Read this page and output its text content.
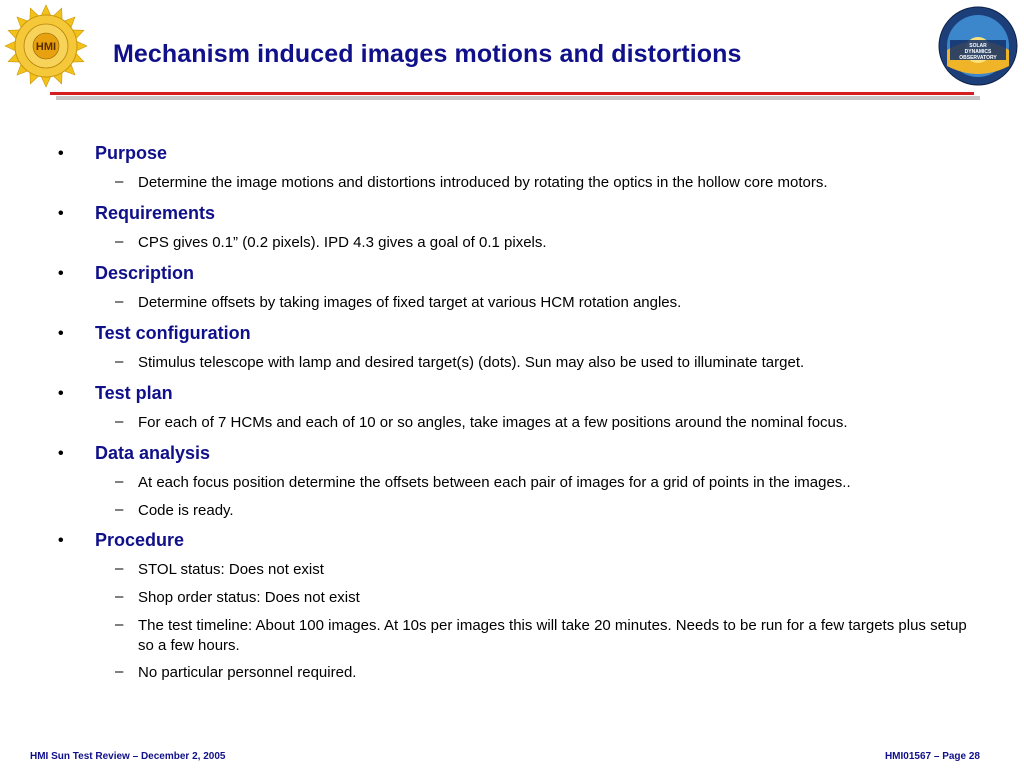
HMI	SOLAR
DYNAMICS
OBSERVATORY
Mechanism induced images motions and distortions
• Purpose
– Determine the image motions and distortions introduced by rotating the optics in the hollow core motors.
• Requirements
– CPS gives 0.1” (0.2 pixels). IPD 4.3 gives a goal of 0.1 pixels.
• Description
– Determine offsets by taking images of fixed target at various HCM rotation angles.
• Test configuration
– Stimulus telescope with lamp and desired target(s) (dots). Sun may also be used to illuminate target.
• Test plan
– For each of 7 HCMs and each of 10 or so angles, take images at a few positions around the nominal focus.
• Data analysis
– At each focus position determine the offsets between each pair of images for a grid of points in the images..
– Code is ready.
• Procedure
– STOL status: Does not exist
– Shop order status: Does not exist
– The test timeline: About 100 images. At 10s per images this will take 20 minutes. Needs to be run for a few targets plus setup so a few hours.
– No particular personnel required.
HMI Sun Test Review – December 2, 2005	HMI01567 – Page 28
